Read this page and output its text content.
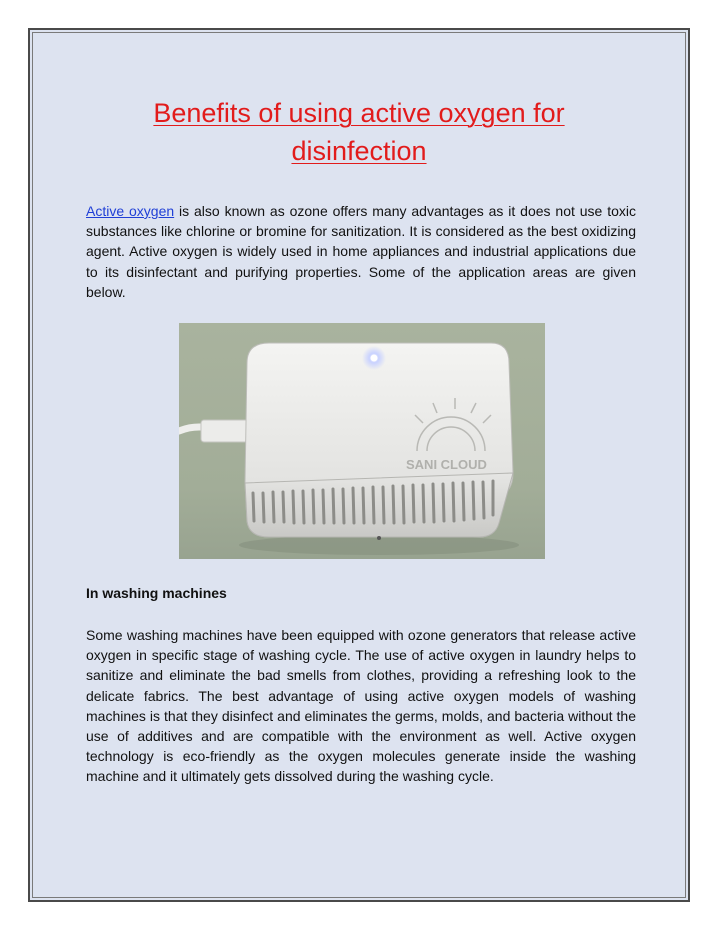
Benefits of using active oxygen for
disinfection
Active oxygen is also known as ozone offers many advantages as it does not use toxic substances like chlorine or bromine for sanitization. It is considered as the best oxidizing agent. Active oxygen is widely used in home appliances and industrial applications due to its disinfectant and purifying properties. Some of the application areas are given below.
SANI CLOUD
In washing machines
Some washing machines have been equipped with ozone generators that release active oxygen in specific stage of washing cycle. The use of active oxygen in laundry helps to sanitize and eliminate the bad smells from clothes, providing a refreshing look to the delicate fabrics. The best advantage of using active oxygen models of washing machines is that they disinfect and eliminates the germs, molds, and bacteria without the use of additives and are compatible with the environment as well. Active oxygen technology is eco-friendly as the oxygen molecules generate inside the washing machine and it ultimately gets dissolved during the washing cycle.
